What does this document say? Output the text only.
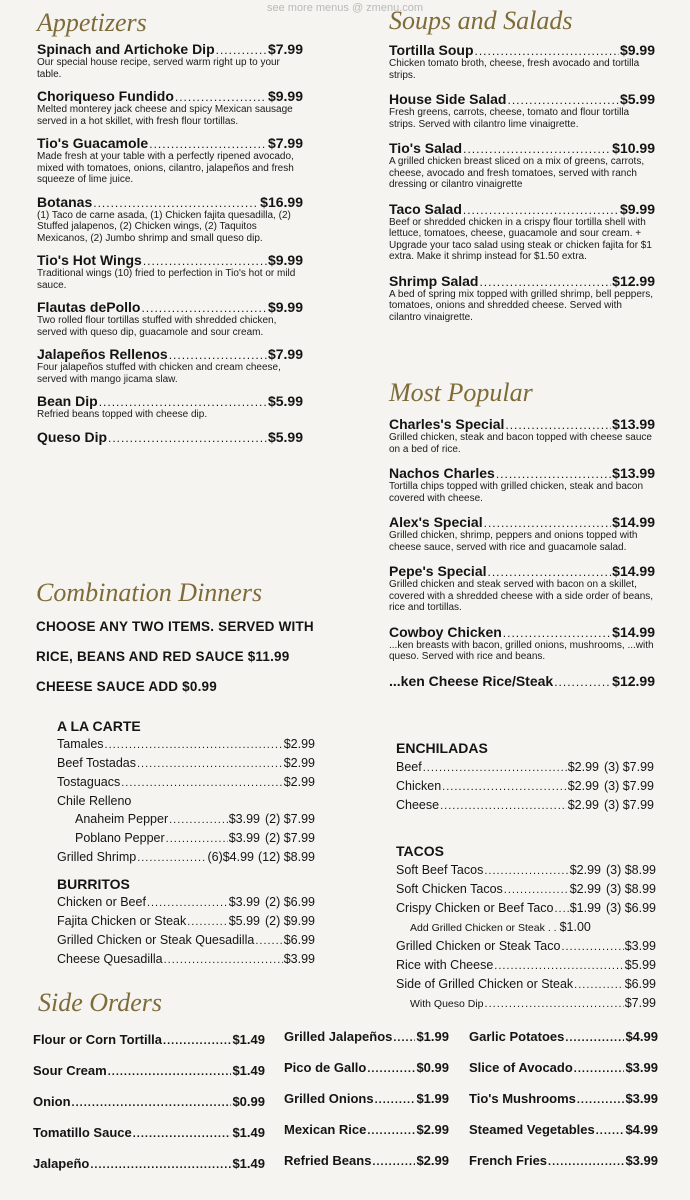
see more menus @ zmenu.com
Appetizers
Spinach and Artichoke Dip .....	$7.99
Our special house recipe, served warm right up to your table.
Choriqueso Fundido .....	$9.99
Melted monterey jack cheese and spicy Mexican sausage served in a hot skillet, with fresh flour tortillas.
Tio's Guacamole .....	$7.99
Made fresh at your table with a perfectly ripened avocado, mixed with tomatoes, onions, cilantro, jalapeños and fresh squeeze of lime juice.
Botanas .....	$16.99
(1) Taco de carne asada, (1) Chicken fajita quesadilla, (2) Stuffed jalapenos, (2) Chicken wings, (2) Taquitos Mexicanos, (2) Jumbo shrimp and small queso dip.
Tio's Hot Wings .....	$9.99
Traditional wings (10) fried to perfection in Tio's hot or mild sauce.
Flautas dePollo .....	$9.99
Two rolled flour tortillas stuffed with shredded chicken, served with queso dip, guacamole and sour cream.
Jalapeños Rellenos .....	$7.99
Four jalapeños stuffed with chicken and cream cheese, served with mango jicama slaw.
Bean Dip .....	$5.99
Refried beans topped with cheese dip.
Queso Dip .....	$5.99
Soups and Salads
Tortilla Soup .....	$9.99
Chicken tomato broth, cheese, fresh avocado and tortilla strips.
House Side Salad .....	$5.99
Fresh greens, carrots, cheese, tomato and flour tortilla strips. Served with cilantro lime vinaigrette.
Tio's Salad .....	$10.99
A grilled chicken breast sliced on a mix of greens, carrots, cheese, avocado and fresh tomatoes, served with ranch dressing or cilantro vinaigrette
Taco Salad .....	$9.99
Beef or shredded chicken in a crispy flour tortilla shell with lettuce, tomatoes, cheese, guacamole and sour cream. + Upgrade your taco salad using steak or chicken fajita for $1 extra. Make it shrimp instead for $1.50 extra.
Shrimp Salad .....	$12.99
A bed of spring mix topped with grilled shrimp, bell peppers, tomatoes, onions and shredded cheese. Served with cilantro vinaigrette.
Most Popular
Charles's Special .....	$13.99
Grilled chicken, steak and bacon topped with cheese sauce on a bed of rice.
Nachos Charles .....	$13.99
Tortilla chips topped with grilled chicken, steak and bacon covered with cheese.
Alex's Special .....	$14.99
Grilled chicken, shrimp, peppers and onions topped with cheese sauce, served with rice and guacamole salad.
Pepe's Special .....	$14.99
Grilled chicken and steak served with bacon on a skillet, covered with a shredded cheese with a side order of beans, rice and tortillas.
Cowboy Chicken .....	$14.99
...ken breasts with bacon, grilled onions, mushrooms, ...with queso. Served with rice and beans.
...ken Cheese Rice/Steak .....	$12.99
ENCHILADAS
Beef .....	$2.99 (3) $7.99
Chicken .....	$2.99 (3) $7.99
Cheese .....	$2.99 (3) $7.99
TACOS
Soft Beef Tacos .....	$2.99 (3) $8.99
Soft Chicken Tacos .....	$2.99 (3) $8.99
Crispy Chicken or Beef Taco ..... $1.99 (3) $6.99
Add Grilled Chicken or Steak . . $1.00
Grilled Chicken or Steak Taco .....	$3.99
Rice with Cheese .....	$5.99
Side of Grilled Chicken or Steak .....	$6.99
With Queso Dip .....	$7.99
Combination Dinners
CHOOSE ANY TWO ITEMS. SERVED WITH
RICE, BEANS AND RED SAUCE $11.99
CHEESE SAUCE ADD $0.99
A LA CARTE
Tamales .....	$2.99
Beef Tostadas .....	$2.99
Tostaguacs .....	$2.99
Chile Relleno
Anaheim Pepper .....	$3.99 (2) $7.99
Poblano Pepper .....	$3.99 (2) $7.99
Grilled Shrimp .....	(6)$4.99 (12) $8.99
BURRITOS
Chicken or Beef .....	$3.99 (2) $6.99
Fajita Chicken or Steak .....	$5.99 (2) $9.99
Grilled Chicken or Steak Quesadilla ..... $6.99
Cheese Quesadilla .....	$3.99
Side Orders
Flour or Corn Tortilla .....	$1.49
Sour Cream .....	$1.49
Onion .....	$0.99
Tomatillo Sauce .....	$1.49
Jalapeño .....	$1.49
Grilled Jalapeños ..... $1.99
Pico de Gallo .....	$0.99
Grilled Onions .....	$1.99
Mexican Rice .....	$2.99
Refried Beans .....	$2.99
Garlic Potatoes .....	$4.99
Slice of Avocado .....	$3.99
Tio's Mushrooms .....	$3.99
Steamed Vegetables ..... $4.99
French Fries .....	$3.99
